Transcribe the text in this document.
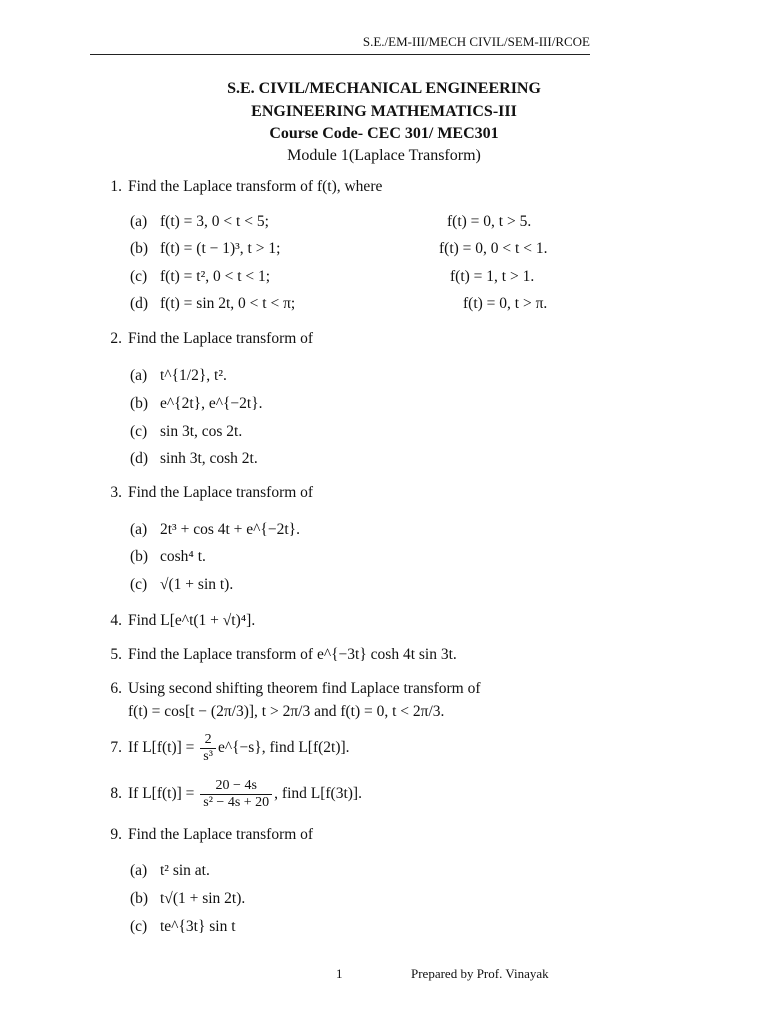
S.E./EM-III/MECH CIVIL/SEM-III/RCOE
S.E. CIVIL/MECHANICAL ENGINEERING
ENGINEERING MATHEMATICS-III
Course Code- CEC 301/ MEC301
Module 1(Laplace Transform)
1. Find the Laplace transform of f(t), where
(a) f(t) = 3, 0 < t < 5;	f(t) = 0, t > 5.
(b) f(t) = (t − 1)³, t > 1;	f(t) = 0, 0 < t < 1.
(c) f(t) = t², 0 < t < 1;	f(t) = 1, t > 1.
(d) f(t) = sin 2t, 0 < t < π;	f(t) = 0, t > π.
2. Find the Laplace transform of
(a) t^{1/2}, t².
(b) e^{2t}, e^{−2t}.
(c) sin 3t, cos 2t.
(d) sinh 3t, cosh 2t.
3. Find the Laplace transform of
(a) 2t³ + cos 4t + e^{−2t}.
(b) cosh⁴ t.
(c) √(1 + sin t).
4. Find L[e^t(1 + √t)⁴].
5. Find the Laplace transform of e^{−3t} cosh 4t sin 3t.
6. Using second shifting theorem find Laplace transform of
f(t) = cos[t − (2π/3)], t > 2π/3 and f(t) = 0, t < 2π/3.
7. If $L[f(t)] = \frac{2}{\text{s³}}$ e^{−s}, find L[f(2t)].
8. If $L[f(t)] = \frac{20 - 4s}{\text{s² − 4s + 20}}$ , find L[f(3t)].
9. Find the Laplace transform of
(a) t² sin at.
(b) t√(1 + sin 2t).
(c) te^{3t} sin t
1	Prepared by Prof. Vinayak
